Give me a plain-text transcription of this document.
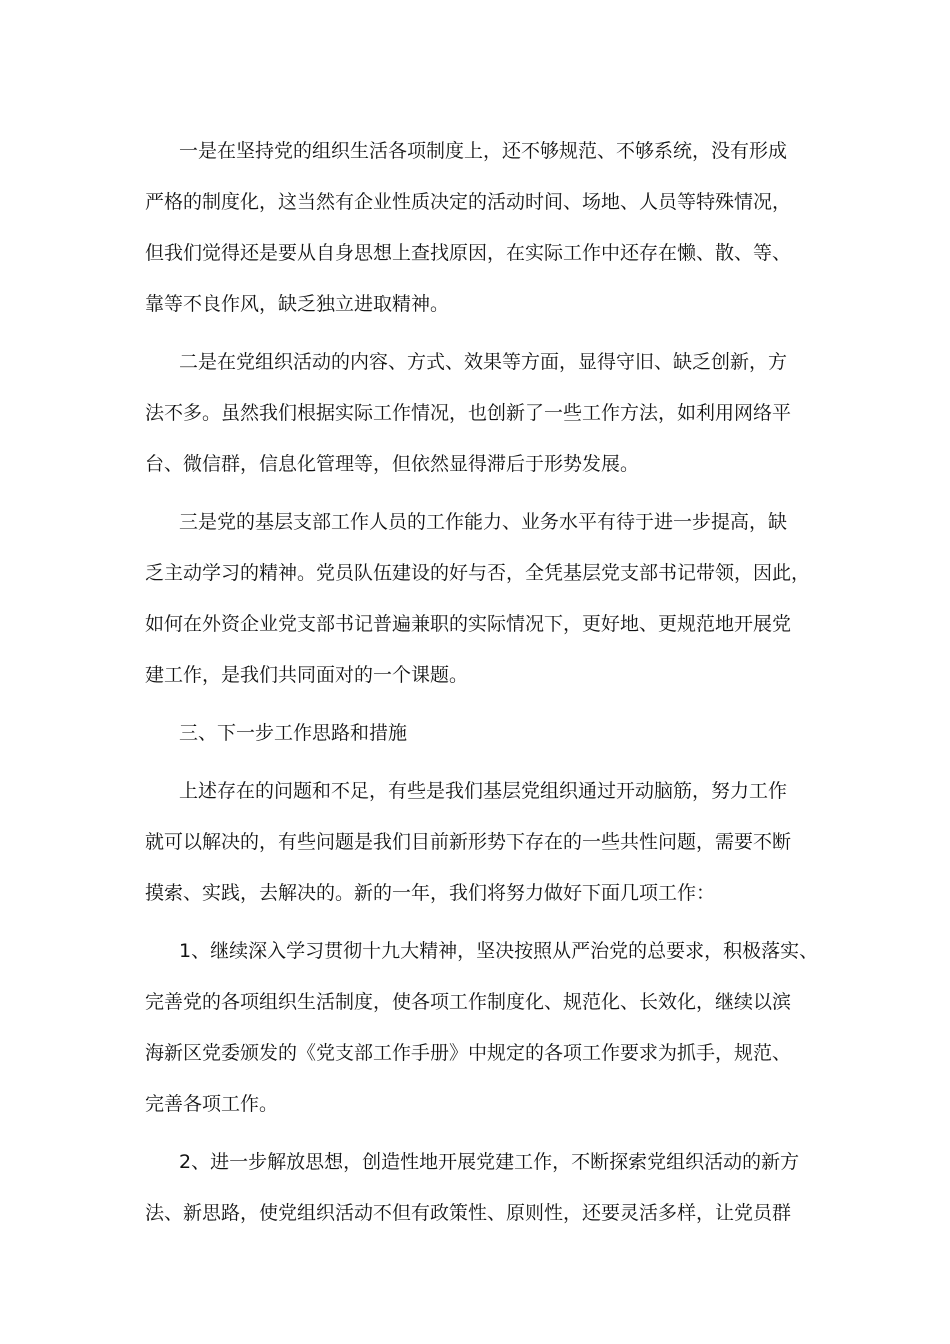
一是在坚持党的组织生活各项制度上，还不够规范、不够系统，没有形成
严格的制度化，这当然有企业性质决定的活动时间、场地、人员等特殊情况，
但我们觉得还是要从自身思想上查找原因，在实际工作中还存在懒、散、等、
靠等不良作风，缺乏独立进取精神。
二是在党组织活动的内容、方式、效果等方面，显得守旧、缺乏创新，方
法不多。虽然我们根据实际工作情况，也创新了一些工作方法，如利用网络平
台、微信群，信息化管理等，但依然显得滞后于形势发展。
三是党的基层支部工作人员的工作能力、业务水平有待于进一步提高，缺
乏主动学习的精神。党员队伍建设的好与否，全凭基层党支部书记带领，因此，
如何在外资企业党支部书记普遍兼职的实际情况下，更好地、更规范地开展党
建工作，是我们共同面对的一个课题。
三、下一步工作思路和措施
上述存在的问题和不足，有些是我们基层党组织通过开动脑筋，努力工作
就可以解决的，有些问题是我们目前新形势下存在的一些共性问题，需要不断
摸索、实践，去解决的。新的一年，我们将努力做好下面几项工作：
1、继续深入学习贯彻十九大精神，坚决按照从严治党的总要求，积极落实、
完善党的各项组织生活制度，使各项工作制度化、规范化、长效化，继续以滨
海新区党委颁发的《党支部工作手册》中规定的各项工作要求为抓手，规范、
完善各项工作。
2、进一步解放思想，创造性地开展党建工作，不断探索党组织活动的新方
法、新思路，使党组织活动不但有政策性、原则性，还要灵活多样，让党员群
